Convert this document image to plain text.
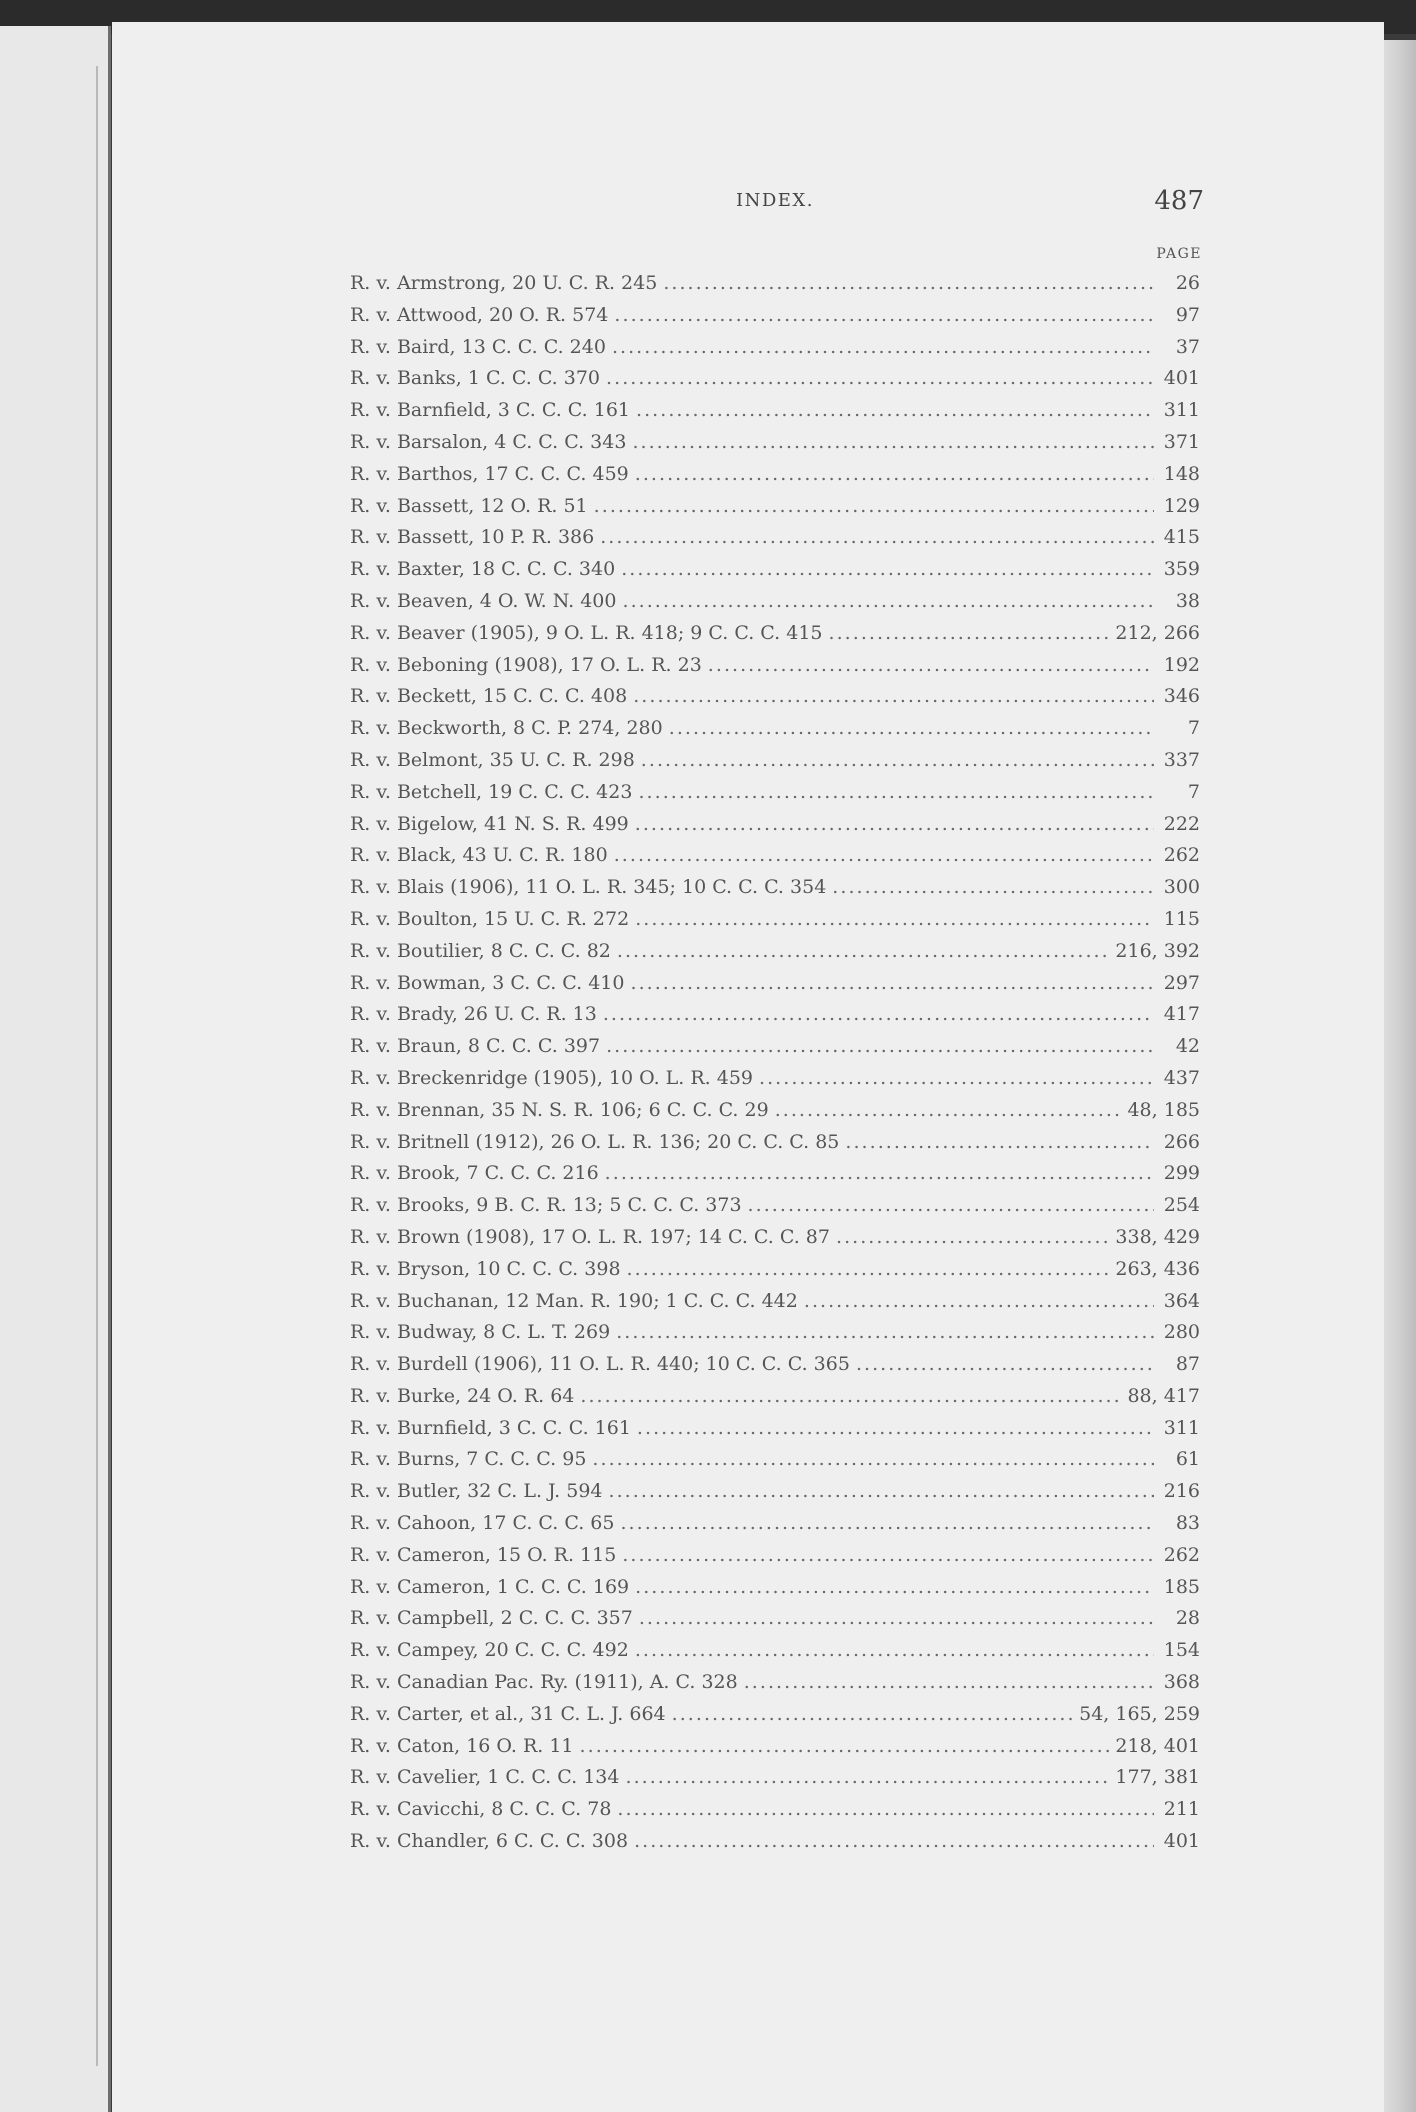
INDEX.	487
PAGE
R. v. Armstrong, 20 U. C. R. 245 . . .	26
R. v. Attwood, 20 O. R. 574 . . .	97
R. v. Baird, 13 C. C. C. 240 . . .	37
R. v. Banks, 1 C. C. C. 370 . . .	401
R. v. Barnfield, 3 C. C. C. 161 . . .	311
R. v. Barsalon, 4 C. C. C. 343 . . .	371
R. v. Barthos, 17 C. C. C. 459 . . .	148
R. v. Bassett, 12 O. R. 51 . . .	129
R. v. Bassett, 10 P. R. 386 . . .	415
R. v. Baxter, 18 C. C. C. 340 . . .	359
R. v. Beaven, 4 O. W. N. 400 . . .	38
R. v. Beaver (1905), 9 O. L. R. 418; 9 C. C. C. 415 . . .	212, 266
R. v. Beboning (1908), 17 O. L. R. 23 . . .	192
R. v. Beckett, 15 C. C. C. 408 . . .	346
R. v. Beckworth, 8 C. P. 274, 280 . . .	7
R. v. Belmont, 35 U. C. R. 298 . . .	337
R. v. Betchell, 19 C. C. C. 423 . . .	7
R. v. Bigelow, 41 N. S. R. 499 . . .	222
R. v. Black, 43 U. C. R. 180 . . .	262
R. v. Blais (1906), 11 O. L. R. 345; 10 C. C. C. 354 . . .	300
R. v. Boulton, 15 U. C. R. 272 . . .	115
R. v. Boutilier, 8 C. C. C. 82 . . .	216, 392
R. v. Bowman, 3 C. C. C. 410 . . .	297
R. v. Brady, 26 U. C. R. 13 . . .	417
R. v. Braun, 8 C. C. C. 397 . . .	42
R. v. Breckenridge (1905), 10 O. L. R. 459 . . .	437
R. v. Brennan, 35 N. S. R. 106; 6 C. C. C. 29 . . .	48, 185
R. v. Britnell (1912), 26 O. L. R. 136; 20 C. C. C. 85 . . .	266
R. v. Brook, 7 C. C. C. 216 . . .	299
R. v. Brooks, 9 B. C. R. 13; 5 C. C. C. 373 . . .	254
R. v. Brown (1908), 17 O. L. R. 197; 14 C. C. C. 87 . . .	338, 429
R. v. Bryson, 10 C. C. C. 398 . . .	263, 436
R. v. Buchanan, 12 Man. R. 190; 1 C. C. C. 442 . . .	364
R. v. Budway, 8 C. L. T. 269 . . .	280
R. v. Burdell (1906), 11 O. L. R. 440; 10 C. C. C. 365 . . .	87
R. v. Burke, 24 O. R. 64 . . .	88, 417
R. v. Burnfield, 3 C. C. C. 161 . . .	311
R. v. Burns, 7 C. C. C. 95 . . .	61
R. v. Butler, 32 C. L. J. 594 . . .	216
R. v. Cahoon, 17 C. C. C. 65 . . .	83
R. v. Cameron, 15 O. R. 115 . . .	262
R. v. Cameron, 1 C. C. C. 169 . . .	185
R. v. Campbell, 2 C. C. C. 357 . . .	28
R. v. Campey, 20 C. C. C. 492 . . .	154
R. v. Canadian Pac. Ry. (1911), A. C. 328 . . .	368
R. v. Carter, et al., 31 C. L. J. 664 . . .	54, 165, 259
R. v. Caton, 16 O. R. 11 . . .	218, 401
R. v. Cavelier, 1 C. C. C. 134 . . .	177, 381
R. v. Cavicchi, 8 C. C. C. 78 . . .	211
R. v. Chandler, 6 C. C. C. 308 . . .	401
